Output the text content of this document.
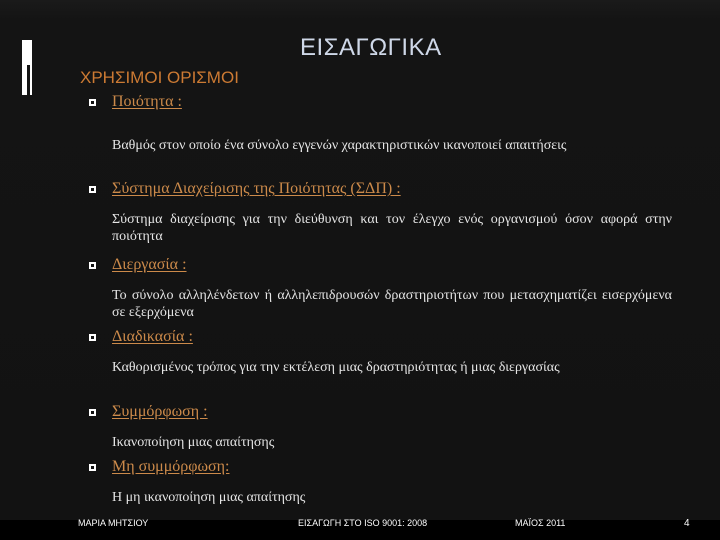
ΕΙΣΑΓΩΓΙΚΑ
ΧΡΗΣΙΜΟΙ ΟΡΙΣΜΟΙ
Ποιότητα :
Βαθμός στον οποίο ένα σύνολο εγγενών χαρακτηριστικών ικανοποιεί απαιτήσεις
Σύστημα Διαχείρισης της Ποιότητας (ΣΔΠ) :
Σύστημα διαχείρισης για την διεύθυνση και τον έλεγχο ενός οργανισμού όσον αφορά στην ποιότητα
Διεργασία :
Το σύνολο αλληλένδετων ή αλληλεπιδρουσών δραστηριοτήτων που μετασχηματίζει εισερχόμενα σε εξερχόμενα
Διαδικασία :
Καθορισμένος τρόπος για την εκτέλεση μιας δραστηριότητας ή μιας διεργασίας
Συμμόρφωση :
Ικανοποίηση μιας απαίτησης
Μη συμμόρφωση:
Η μη ικανοποίηση μιας απαίτησης
ΜΑΡΙΑ ΜΗΤΣΙΟΥ	ΕΙΣΑΓΩΓΗ ΣΤΟ ISO 9001: 2008	ΜΑΪΟΣ 2011	4
